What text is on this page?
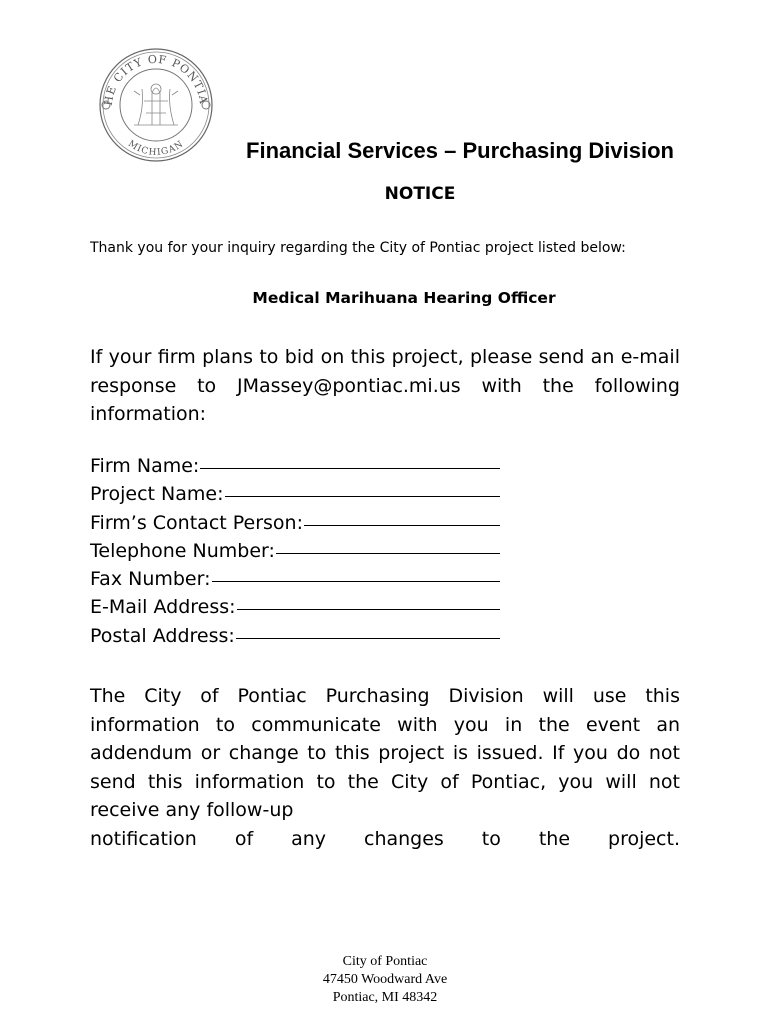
HE CITY OF PONTIA
MICHIGAN	Financial Services – Purchasing Division
NOTICE
Thank you for your inquiry regarding the City of Pontiac project listed below:
Medical Marihuana Hearing Officer
If your firm plans to bid on this project, please send an e-mail response to JMassey@pontiac.mi.us with the following information:
Firm Name:
Project Name:
Firm’s Contact Person:
Telephone Number:
Fax Number:
E-Mail Address:
Postal Address:
The City of Pontiac Purchasing Division will use this information to communicate with you in the event an addendum or change to this project is issued. If you do not send this information to the City of Pontiac, you will not receive any follow-up
notification of any changes to the project.
City of Pontiac
47450 Woodward Ave
Pontiac, MI 48342
